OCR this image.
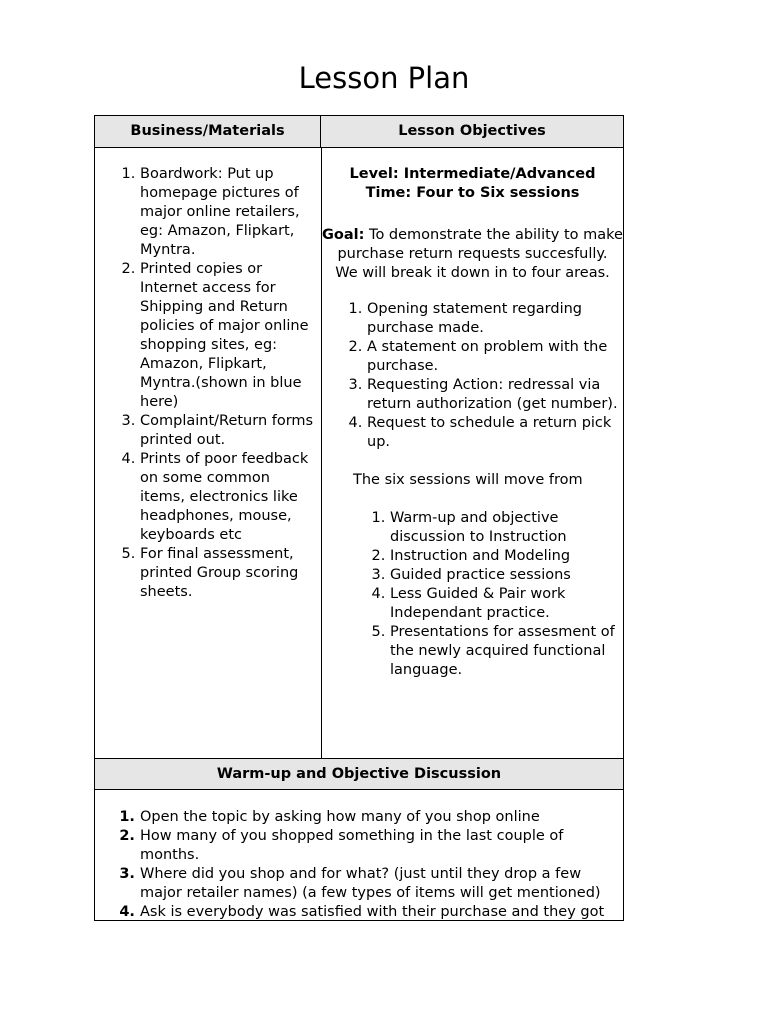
Lesson Plan
Business/Materials	Lesson Objectives
1. Boardwork: Put up homepage pictures of major online retailers, eg: Amazon, Flipkart, Myntra.
2. Printed copies or Internet access for Shipping and Return policies of major online shopping sites, eg: Amazon, Flipkart, Myntra.(shown in blue here)
3. Complaint/Return forms printed out.
4. Prints of poor feedback on some common items, electronics like headphones, mouse, keyboards etc
5. For final assessment, printed Group scoring sheets.
Level: Intermediate/Advanced
Time: Four to Six sessions
Goal: To demonstrate the ability to make purchase return requests succesfully.
We will break it down in to four areas.
1. Opening statement regarding purchase made.
2. A statement on problem with the purchase.
3. Requesting Action: redressal via return authorization (get number).
4. Request to schedule a return pick up.
The six sessions will move from
1. Warm-up and objective discussion to Instruction
2. Instruction and Modeling
3. Guided practice sessions
4. Less Guided & Pair work Independant practice.
5. Presentations for assesment of the newly acquired functional language.
Warm-up and Objective Discussion
1. Open the topic by asking how many of you shop online
2. How many of you shopped something in the last couple of months.
3. Where did you shop and for what? (just until they drop a few major retailer names) (a few types of items will get mentioned)
4. Ask is everybody was satisfied with their purchase and they got
